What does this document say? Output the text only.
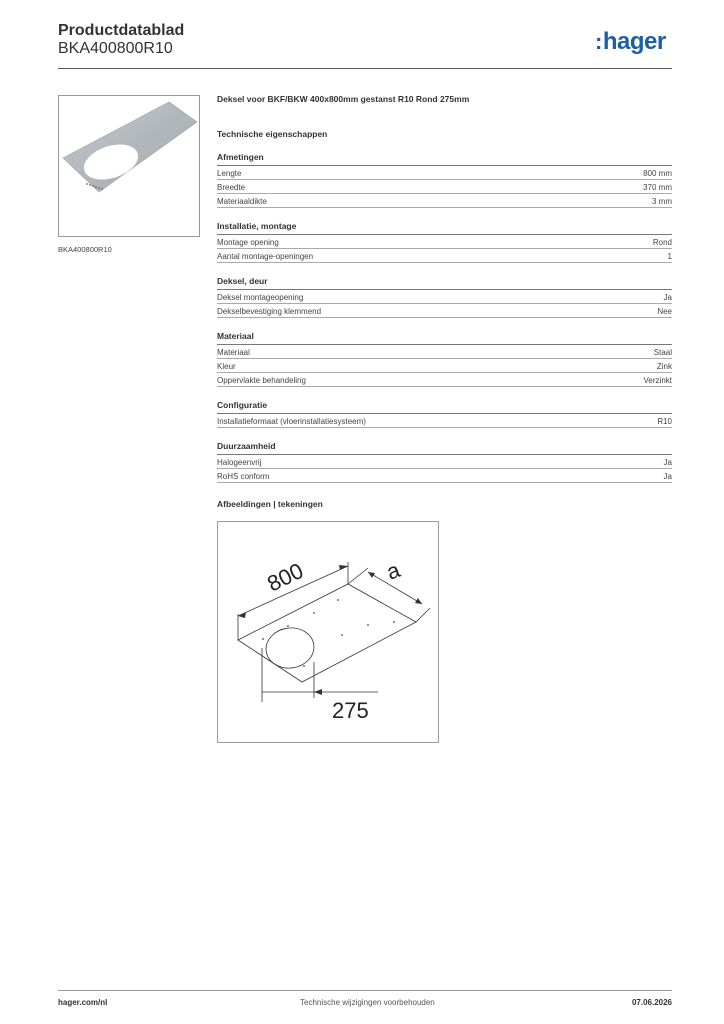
Productdatablad
BKA400800R10	:hager
BKA400800R10
Deksel voor BKF/BKW 400x800mm gestanst R10 Rond 275mm
Technische eigenschappen
Afmetingen
Lengte	800 mm
Breedte	370 mm
Materiaaldikte	3 mm
Installatie, montage
Montage opening	Rond
Aantal montage-openingen	1
Deksel, deur
Deksel montageopening	Ja
Dekselbevestiging klemmend	Nee
Materiaal
Materiaal	Staal
Kleur	Zink
Oppervlakte behandeling	Verzinkt
Configuratie
Installatieformaat (vloerinstallatiesysteem)	R10
Duurzaamheid
Halogeenvrij	Ja
RoHS conform	Ja
Afbeeldingen | tekeningen
800	a
275
hager.com/nl	Technische wijzigingen voorbehouden	07.06.2026
